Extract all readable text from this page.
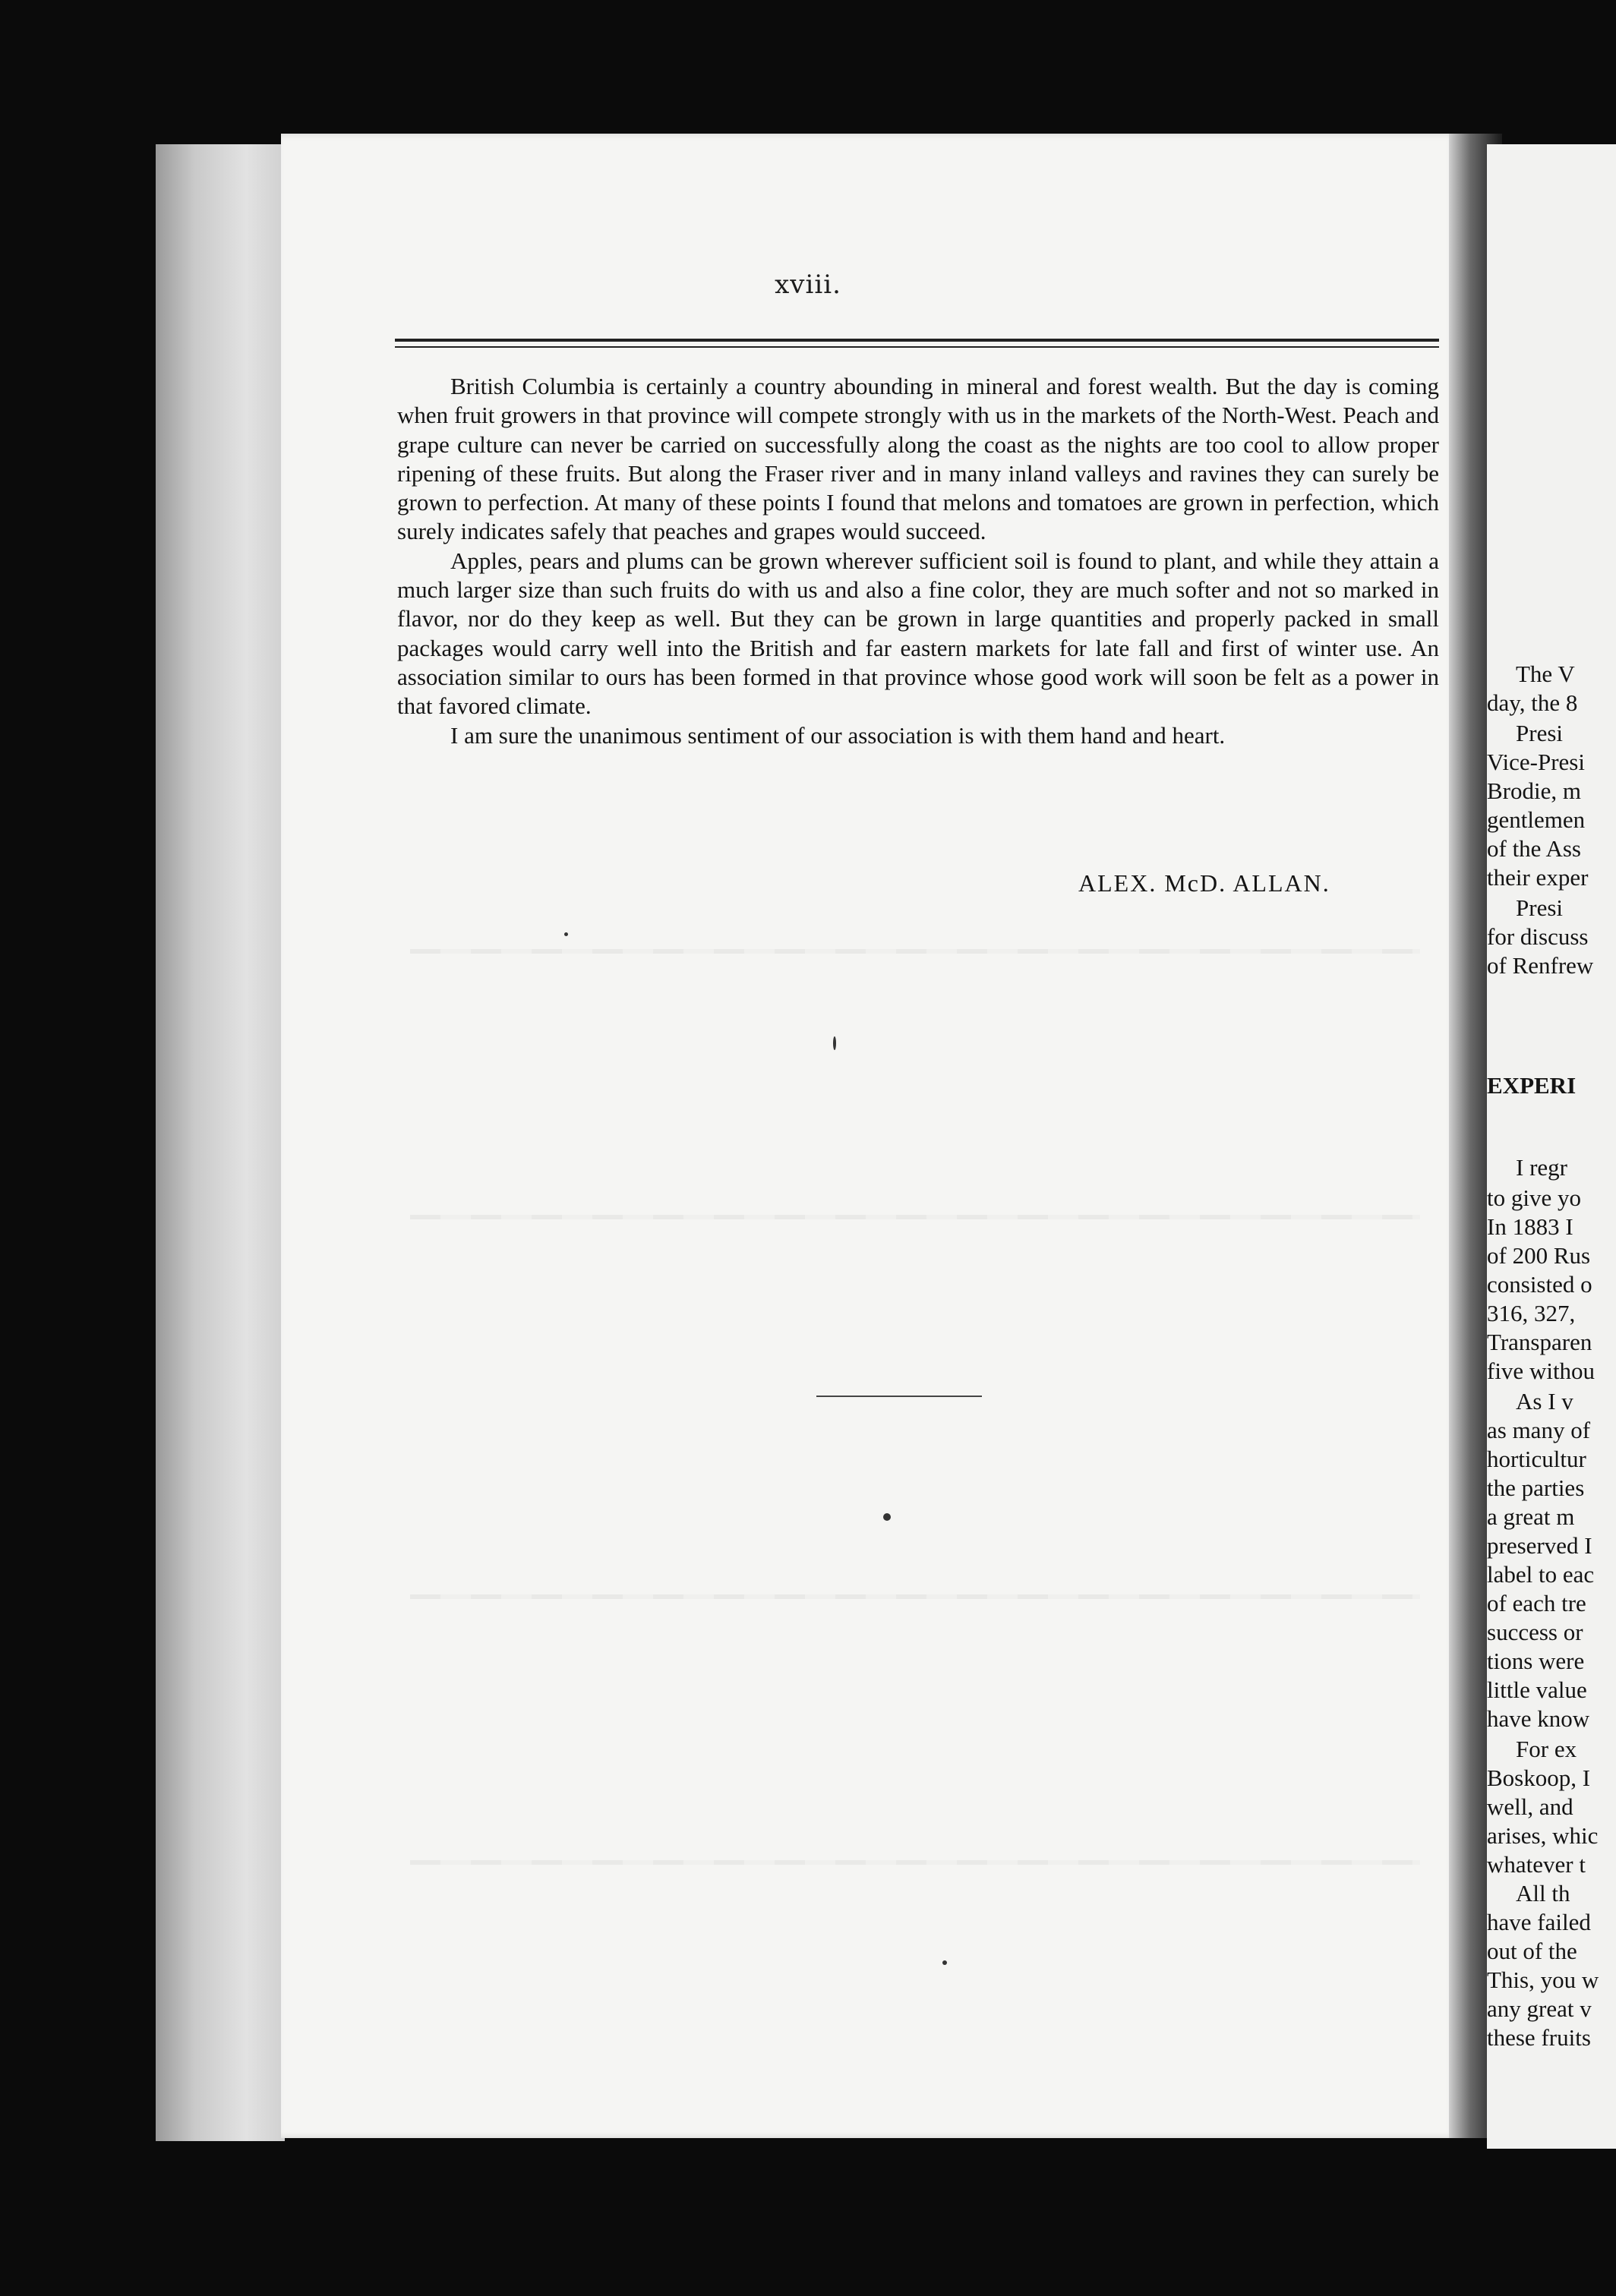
xviii.

British Columbia is certainly a country abounding in mineral and forest wealth. But the day is coming when fruit growers in that province will compete strongly with us in the markets of the North-West. Peach and grape culture can never be carried on successfully along the coast as the nights are too cool to allow proper ripening of these fruits. But along the Fraser river and in many inland valleys and ravines they can surely be grown to perfection. At many of these points I found that melons and tomatoes are grown in perfection, which surely indicates safely that peaches and grapes would succeed.

Apples, pears and plums can be grown wherever sufficient soil is found to plant, and while they attain a much larger size than such fruits do with us and also a fine color, they are much softer and not so marked in flavor, nor do they keep as well. But they can be grown in large quantities and properly packed in small packages would carry well into the British and far eastern markets for late fall and first of winter use. An association similar to ours has been formed in that province whose good work will soon be felt as a power in that favored climate.

I am sure the unanimous sentiment of our association is with them hand and heart.

ALEX. McD. ALLAN.
The V
day, the 8
Presi
Vice-Presi
Brodie, m
gentlemen
of the Ass
their exper
Presi
for discuss
of Renfrew
EXPERI
I regr
to give yo
In 1883 I
of 200 Rus
consisted o
316, 327,
Transparen
five withou
As I v
as many of
horticultur
the parties
a great m
preserved I
label to eac
of each tre
success or
tions were
little value
have know
For ex
Boskoop, I
well, and
arises, whic
whatever t
All th
have failed
out of the
This, you w
any great v
these fruits
